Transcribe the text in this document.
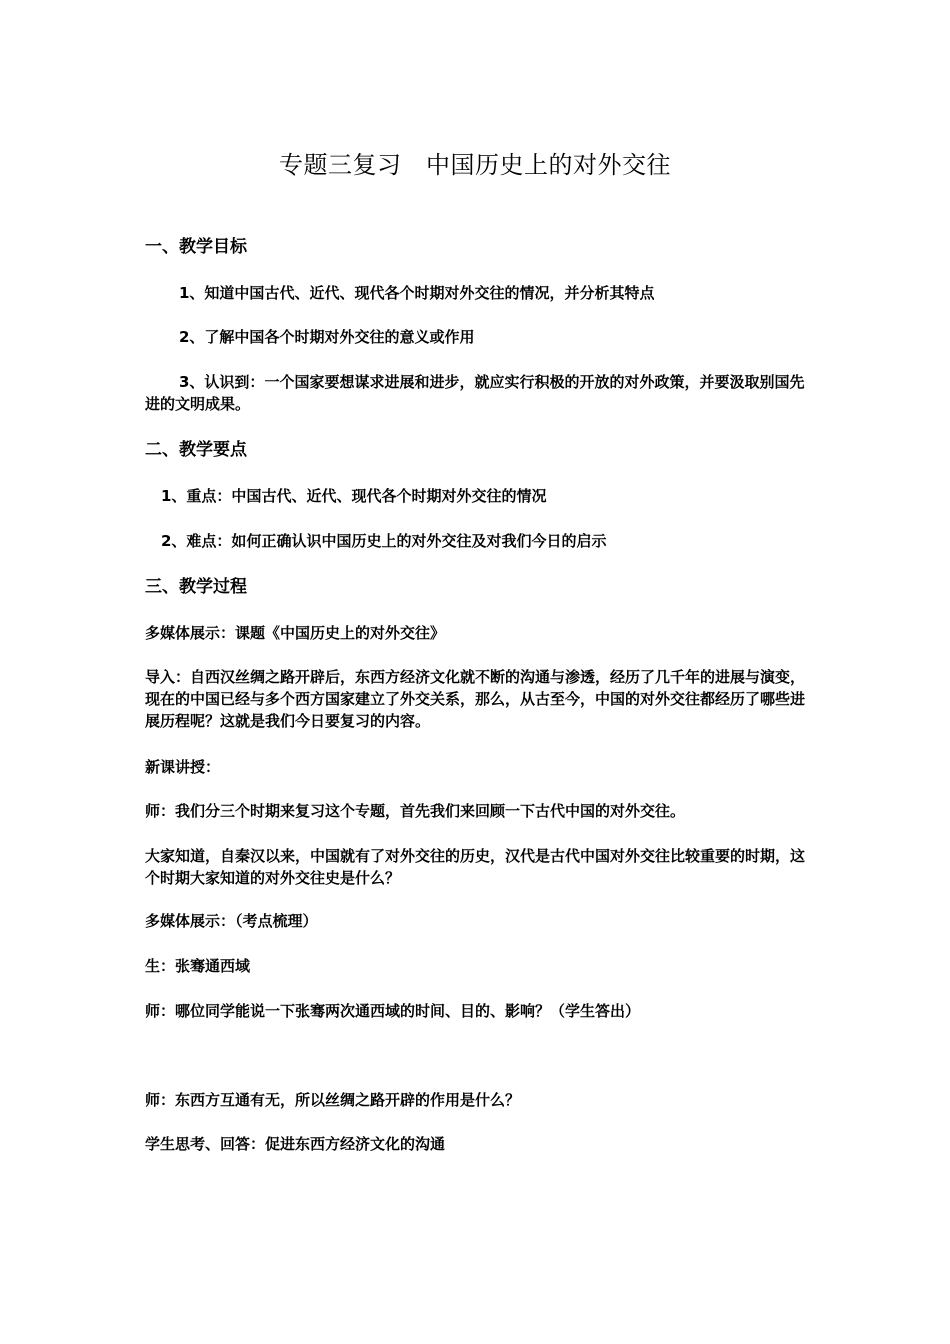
专题三复习　中国历史上的对外交往
一、教学目标
1、知道中国古代、近代、现代各个时期对外交往的情况，并分析其特点
2、了解中国各个时期对外交往的意义或作用
3、认识到：一个国家要想谋求进展和进步，就应实行积极的开放的对外政策，并要汲取别国先进的文明成果。
二、教学要点
1、重点：中国古代、近代、现代各个时期对外交往的情况
2、难点：如何正确认识中国历史上的对外交往及对我们今日的启示
三、教学过程
多媒体展示：课题《中国历史上的对外交往》
导入：自西汉丝绸之路开辟后，东西方经济文化就不断的沟通与渗透，经历了几千年的进展与演变，现在的中国已经与多个西方国家建立了外交关系，那么，从古至今，中国的对外交往都经历了哪些进展历程呢？这就是我们今日要复习的内容。
新课讲授：
师：我们分三个时期来复习这个专题，首先我们来回顾一下古代中国的对外交往。
大家知道，自秦汉以来，中国就有了对外交往的历史，汉代是古代中国对外交往比较重要的时期，这个时期大家知道的对外交往史是什么？
多媒体展示：（考点梳理）
生：张骞通西域
师：哪位同学能说一下张骞两次通西域的时间、目的、影响？（学生答出）
师：东西方互通有无，所以丝绸之路开辟的作用是什么？
学生思考、回答：促进东西方经济文化的沟通
